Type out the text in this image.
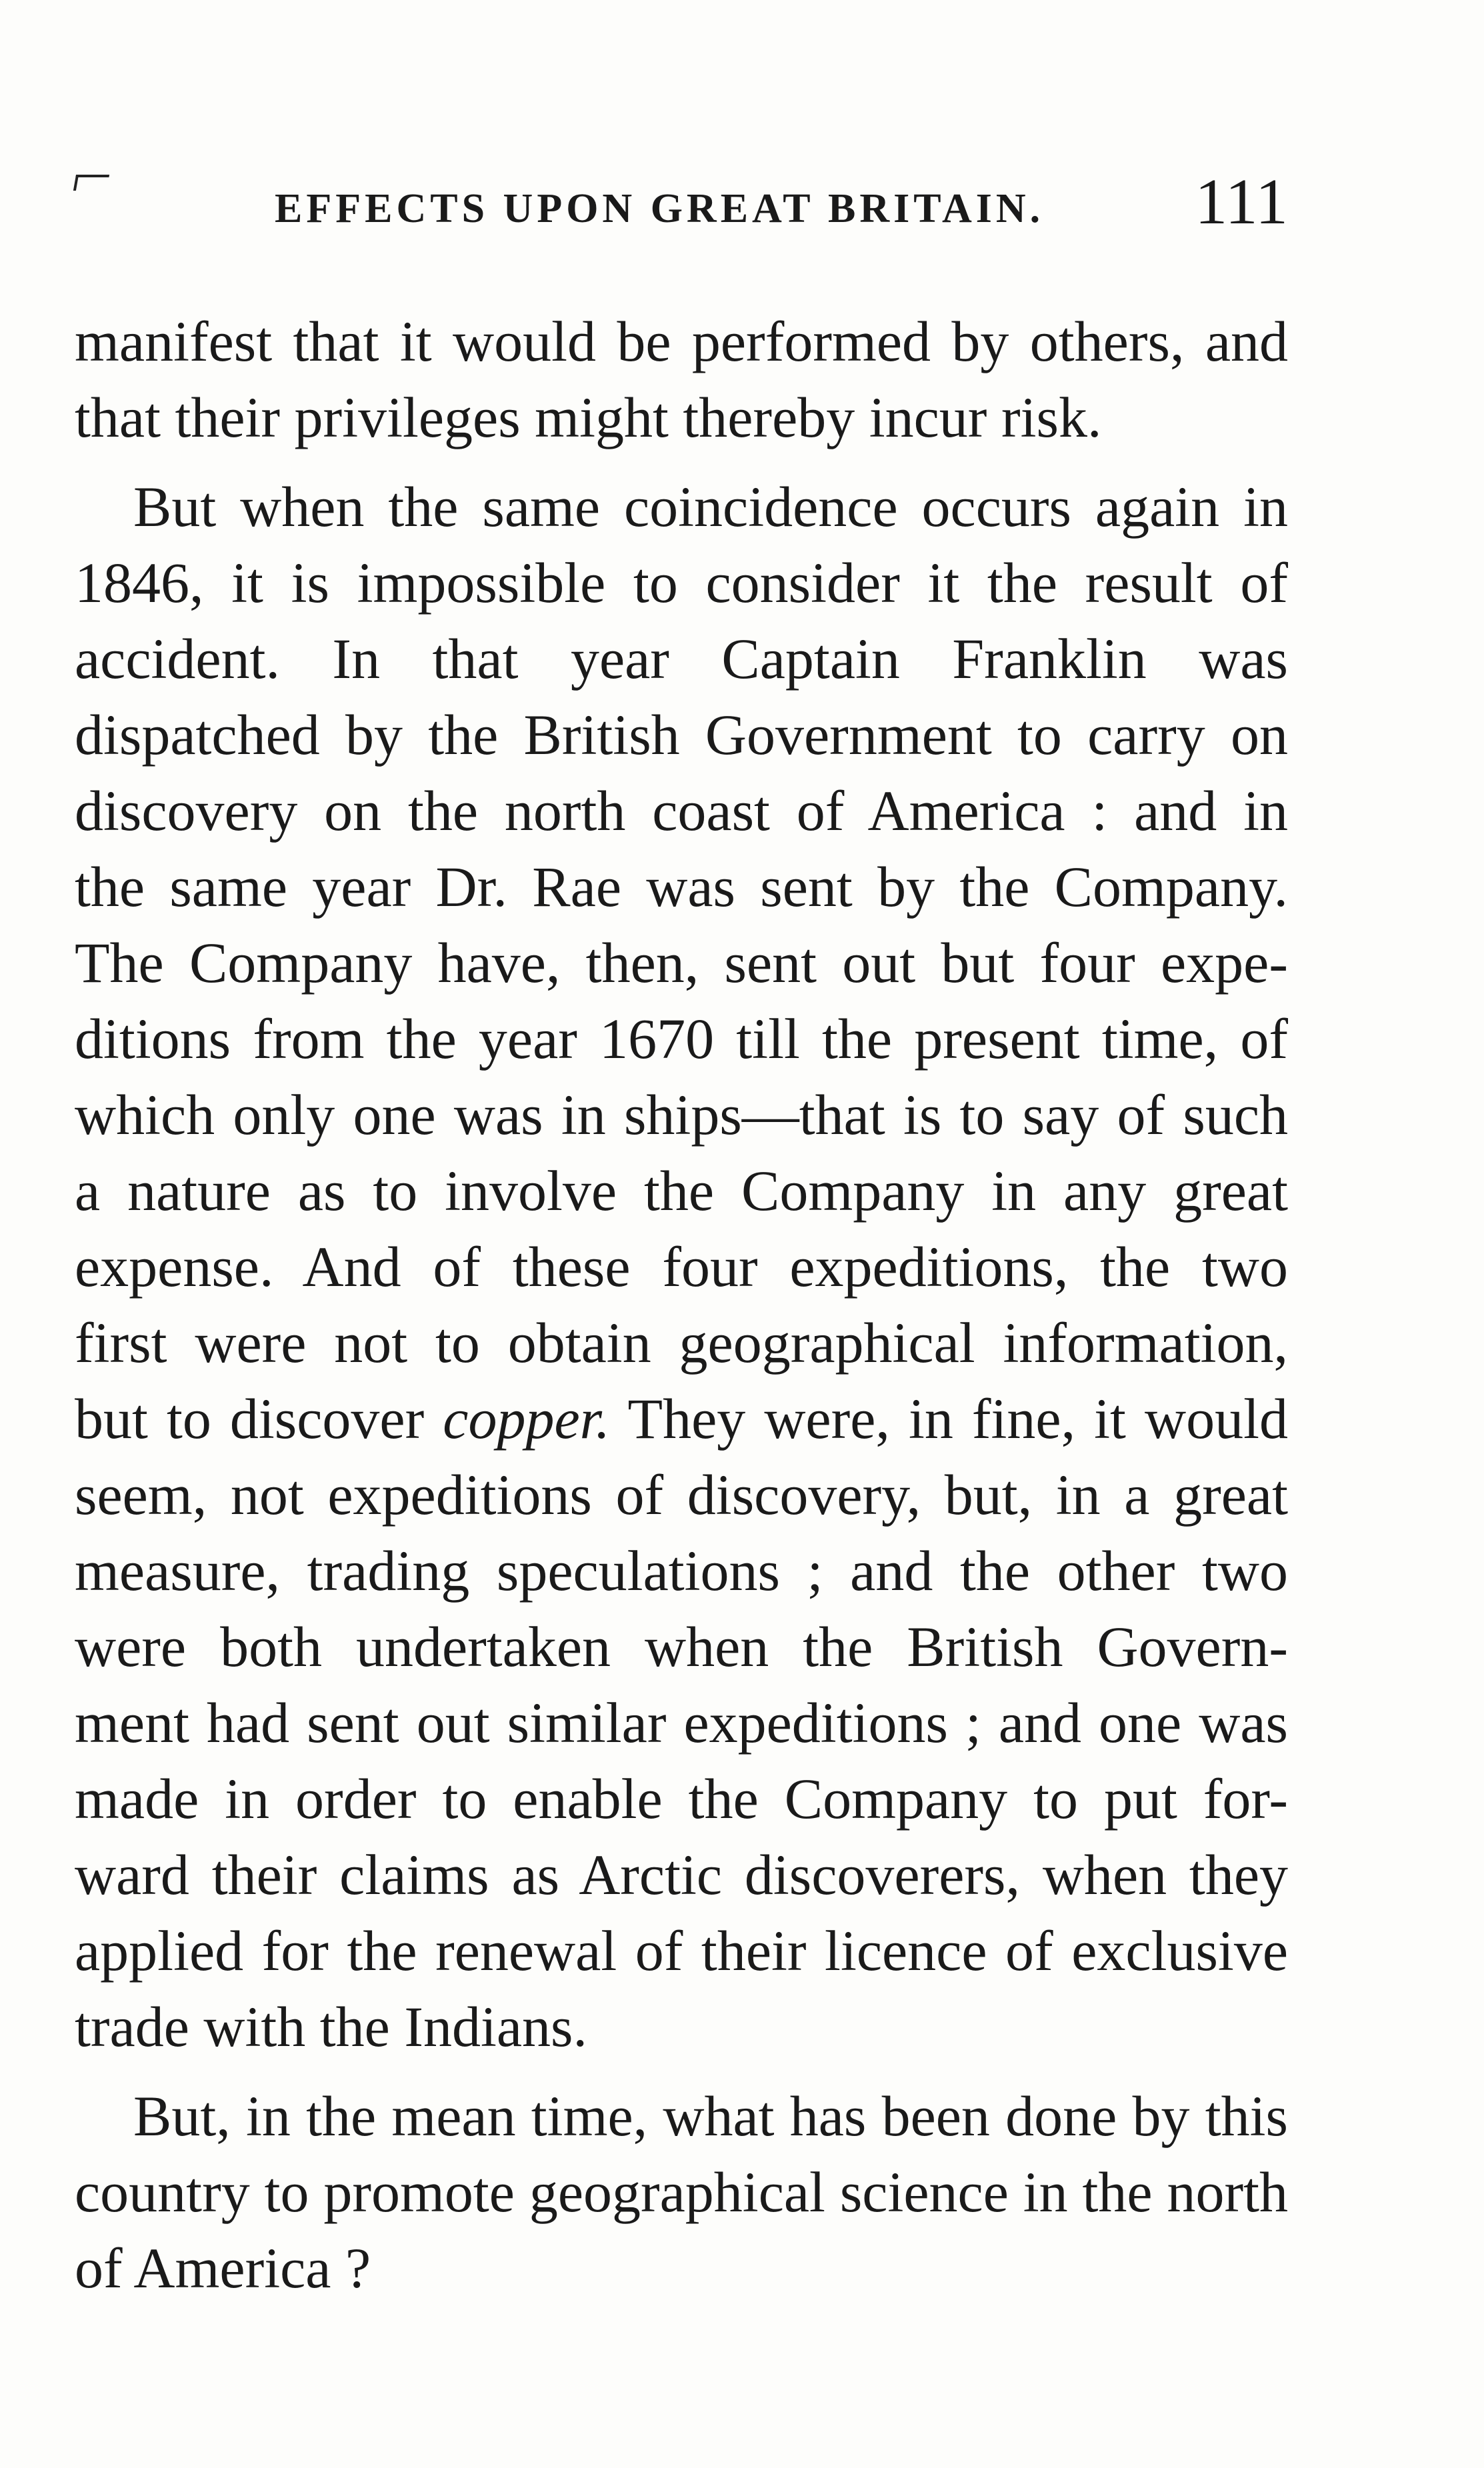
EFFECTS UPON GREAT BRITAIN. 111
manifest that it would be performed by others, and
that their privileges might thereby incur risk.
But when the same coincidence occurs again in
1846, it is impossible to consider it the result of
accident. In that year Captain Franklin was
dispatched by the British Government to carry on
discovery on the north coast of America : and in
the same year Dr. Rae was sent by the Company.
The Company have, then, sent out but four expe-
ditions from the year 1670 till the present time, of
which only one was in ships—that is to say of such
a nature as to involve the Company in any great
expense. And of these four expeditions, the two
first were not to obtain geographical information,
but to discover copper. They were, in fine, it would
seem, not expeditions of discovery, but, in a great
measure, trading speculations ; and the other two
were both undertaken when the British Govern-
ment had sent out similar expeditions ; and one was
made in order to enable the Company to put for-
ward their claims as Arctic discoverers, when they
applied for the renewal of their licence of exclusive
trade with the Indians.
But, in the mean time, what has been done by this
country to promote geographical science in the north
of America ?
